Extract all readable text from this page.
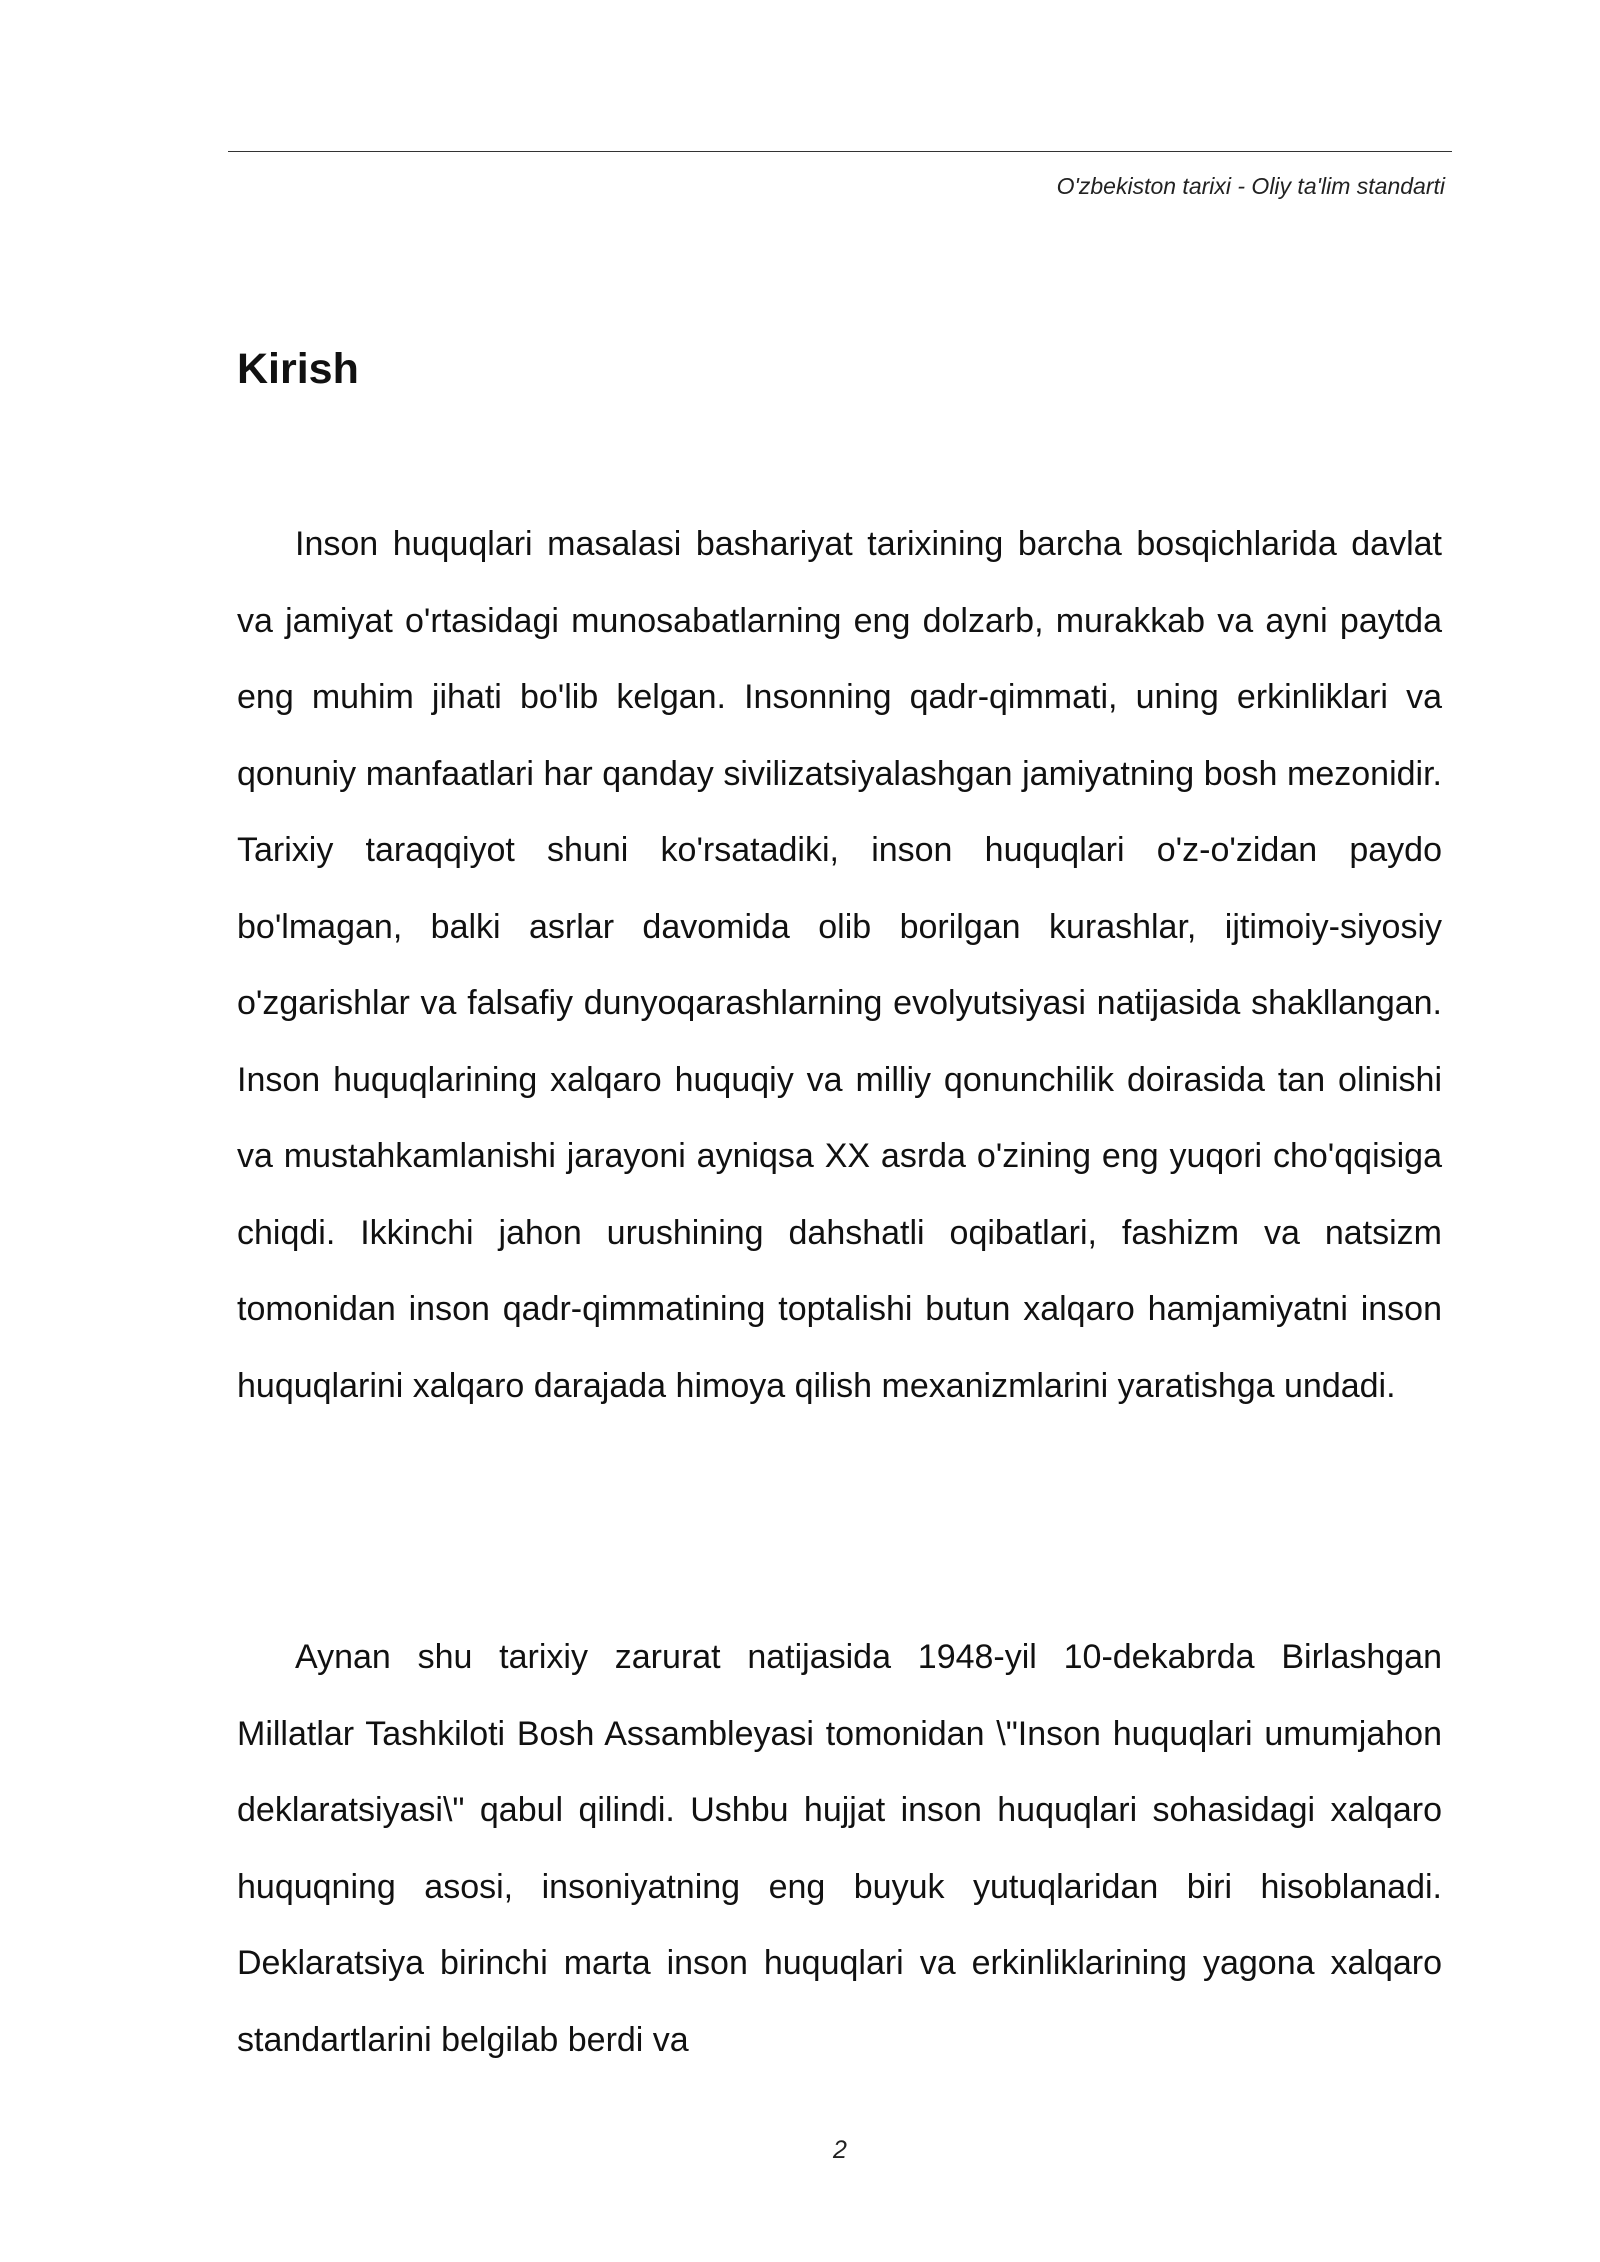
O'zbekiston tarixi - Oliy ta'lim standarti
Kirish

Inson huquqlari masalasi bashariyat tarixining barcha bosqichlarida davlat va jamiyat o'rtasidagi munosabatlarning eng dolzarb, murakkab va ayni paytda eng muhim jihati bo'lib kelgan. Insonning qadr-qimmati, uning erkinliklari va qonuniy manfaatlari har qanday sivilizatsiyalashgan jamiyatning bosh mezonidir. Tarixiy taraqqiyot shuni ko'rsatadiki, inson huquqlari o'z-o'zidan paydo bo'lmagan, balki asrlar davomida olib borilgan kurashlar, ijtimoiy-siyosiy o'zgarishlar va falsafiy dunyoqarashlarning evolyutsiyasi natijasida shakllangan. Inson huquqlarining xalqaro huquqiy va milliy qonunchilik doirasida tan olinishi va mustahkamlanishi jarayoni ayniqsa XX asrda o'zining eng yuqori cho'qqisiga chiqdi. Ikkinchi jahon urushining dahshatli oqibatlari, fashizm va natsizm tomonidan inson qadr-qimmatining toptalishi butun xalqaro hamjamiyatni inson huquqlarini xalqaro darajada himoya qilish mexanizmlarini yaratishga undadi.

Aynan shu tarixiy zarurat natijasida 1948-yil 10-dekabrda Birlashgan Millatlar Tashkiloti Bosh Assambleyasi tomonidan \"Inson huquqlari umumjahon deklaratsiyasi\" qabul qilindi. Ushbu hujjat inson huquqlari sohasidagi xalqaro huquqning asosi, insoniyatning eng buyuk yutuqlaridan biri hisoblanadi. Deklaratsiya birinchi marta inson huquqlari va erkinliklarining yagona xalqaro standartlarini belgilab berdi va

2
